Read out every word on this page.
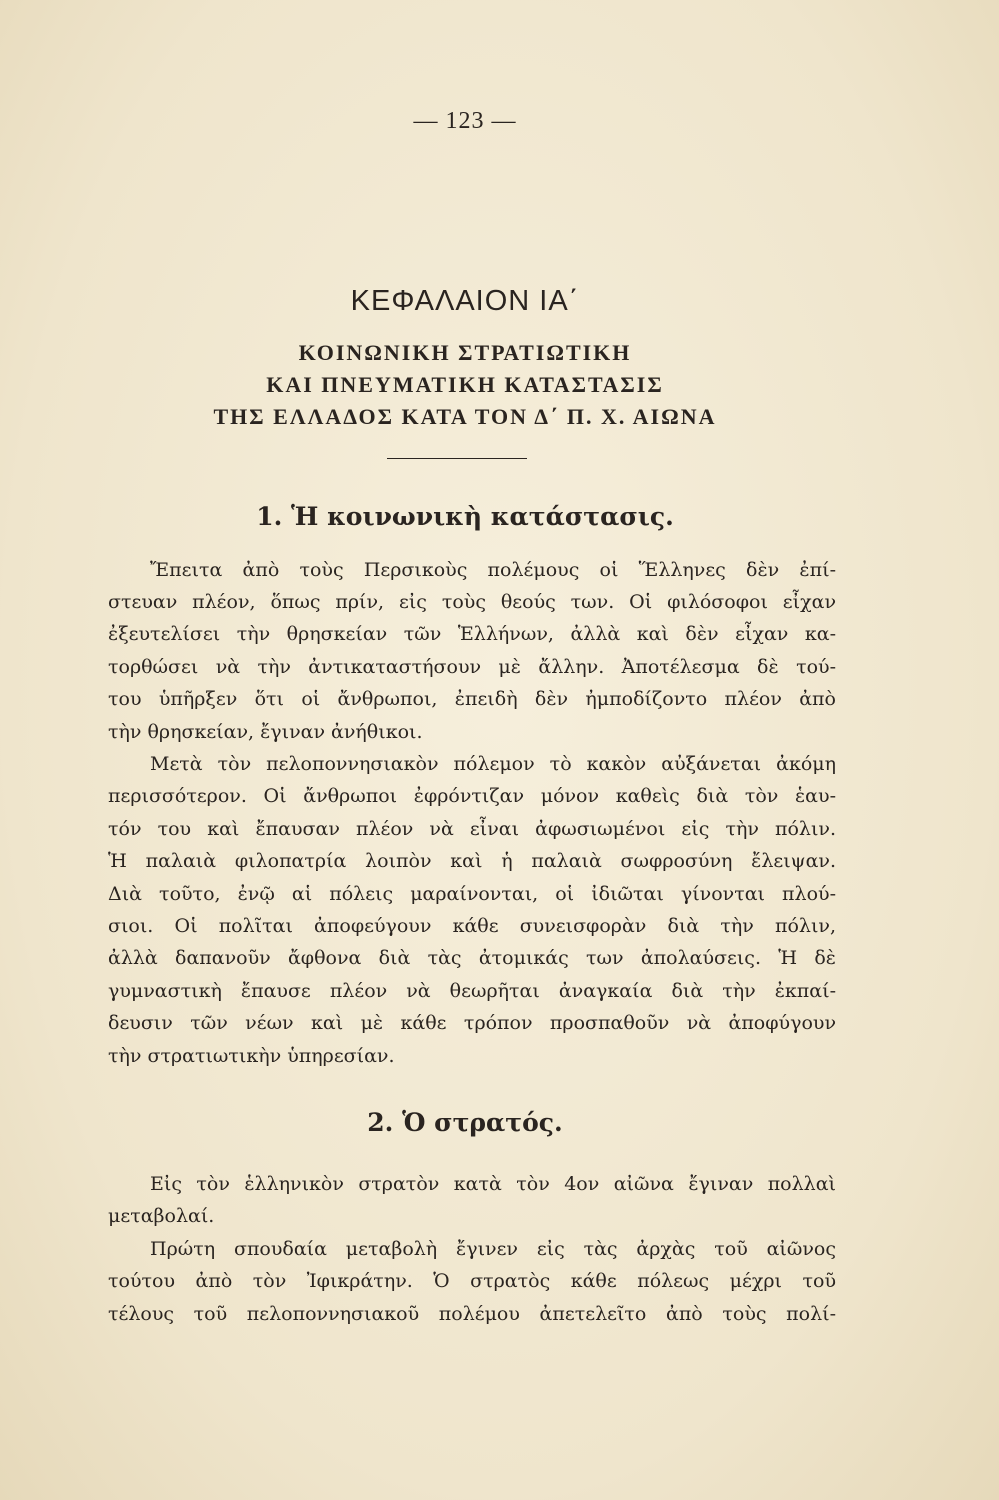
— 123 —
ΚΕΦΑΛΑΙΟΝ ΙΑ΄
ΚΟΙΝΩΝΙΚΗ ΣΤΡΑΤΙΩΤΙΚΗ
ΚΑΙ ΠΝΕΥΜΑΤΙΚΗ ΚΑΤΑΣΤΑΣΙΣ
ΤΗΣ ΕΛΛΑΔΟΣ ΚΑΤΑ ΤΟΝ Δ΄ Π. Χ. ΑΙΩΝΑ
1. Ἡ κοινωνικὴ κατάστασις.
Ἔπειτα ἀπὸ τοὺς Περσικοὺς πολέμους οἱ Ἕλληνες δὲν ἐπί-
στευαν πλέον, ὅπως πρίν, εἰς τοὺς θεούς των. Οἱ φιλόσοφοι εἶχαν
ἐξευτελίσει τὴν θρησκείαν τῶν Ἑλλήνων, ἀλλὰ καὶ δὲν εἶχαν κα-
τορθώσει νὰ τὴν ἀντικαταστήσουν μὲ ἄλλην. Ἀποτέλεσμα δὲ τού-
του ὑπῆρξεν ὅτι οἱ ἄνθρωποι, ἐπειδὴ δὲν ἠμποδίζοντο πλέον ἀπὸ
τὴν θρησκείαν, ἔγιναν ἀνήθικοι.
Μετὰ τὸν πελοποννησιακὸν πόλεμον τὸ κακὸν αὐξάνεται ἀκόμη
περισσότερον. Οἱ ἄνθρωποι ἐφρόντιζαν μόνον καθεὶς διὰ τὸν ἑαυ-
τόν του καὶ ἔπαυσαν πλέον νὰ εἶναι ἀφωσιωμένοι εἰς τὴν πόλιν.
Ἡ παλαιὰ φιλοπατρία λοιπὸν καὶ ἡ παλαιὰ σωφροσύνη ἔλειψαν.
Διὰ τοῦτο, ἐνῷ αἱ πόλεις μαραίνονται, οἱ ἰδιῶται γίνονται πλού-
σιοι. Οἱ πολῖται ἀποφεύγουν κάθε συνεισφορὰν διὰ τὴν πόλιν,
ἀλλὰ δαπανοῦν ἄφθονα διὰ τὰς ἀτομικάς των ἀπολαύσεις. Ἡ δὲ
γυμναστικὴ ἔπαυσε πλέον νὰ θεωρῆται ἀναγκαία διὰ τὴν ἐκπαί-
δευσιν τῶν νέων καὶ μὲ κάθε τρόπον προσπαθοῦν νὰ ἀποφύγουν
τὴν στρατιωτικὴν ὑπηρεσίαν.
2. Ὁ στρατός.
Εἰς τὸν ἑλληνικὸν στρατὸν κατὰ τὸν 4ον αἰῶνα ἔγιναν πολλαὶ
μεταβολαί.
Πρώτη σπουδαία μεταβολὴ ἔγινεν εἰς τὰς ἀρχὰς τοῦ αἰῶνος
τούτου ἀπὸ τὸν Ἰφικράτην. Ὁ στρατὸς κάθε πόλεως μέχρι τοῦ
τέλους τοῦ πελοποννησιακοῦ πολέμου ἀπετελεῖτο ἀπὸ τοὺς πολί-
